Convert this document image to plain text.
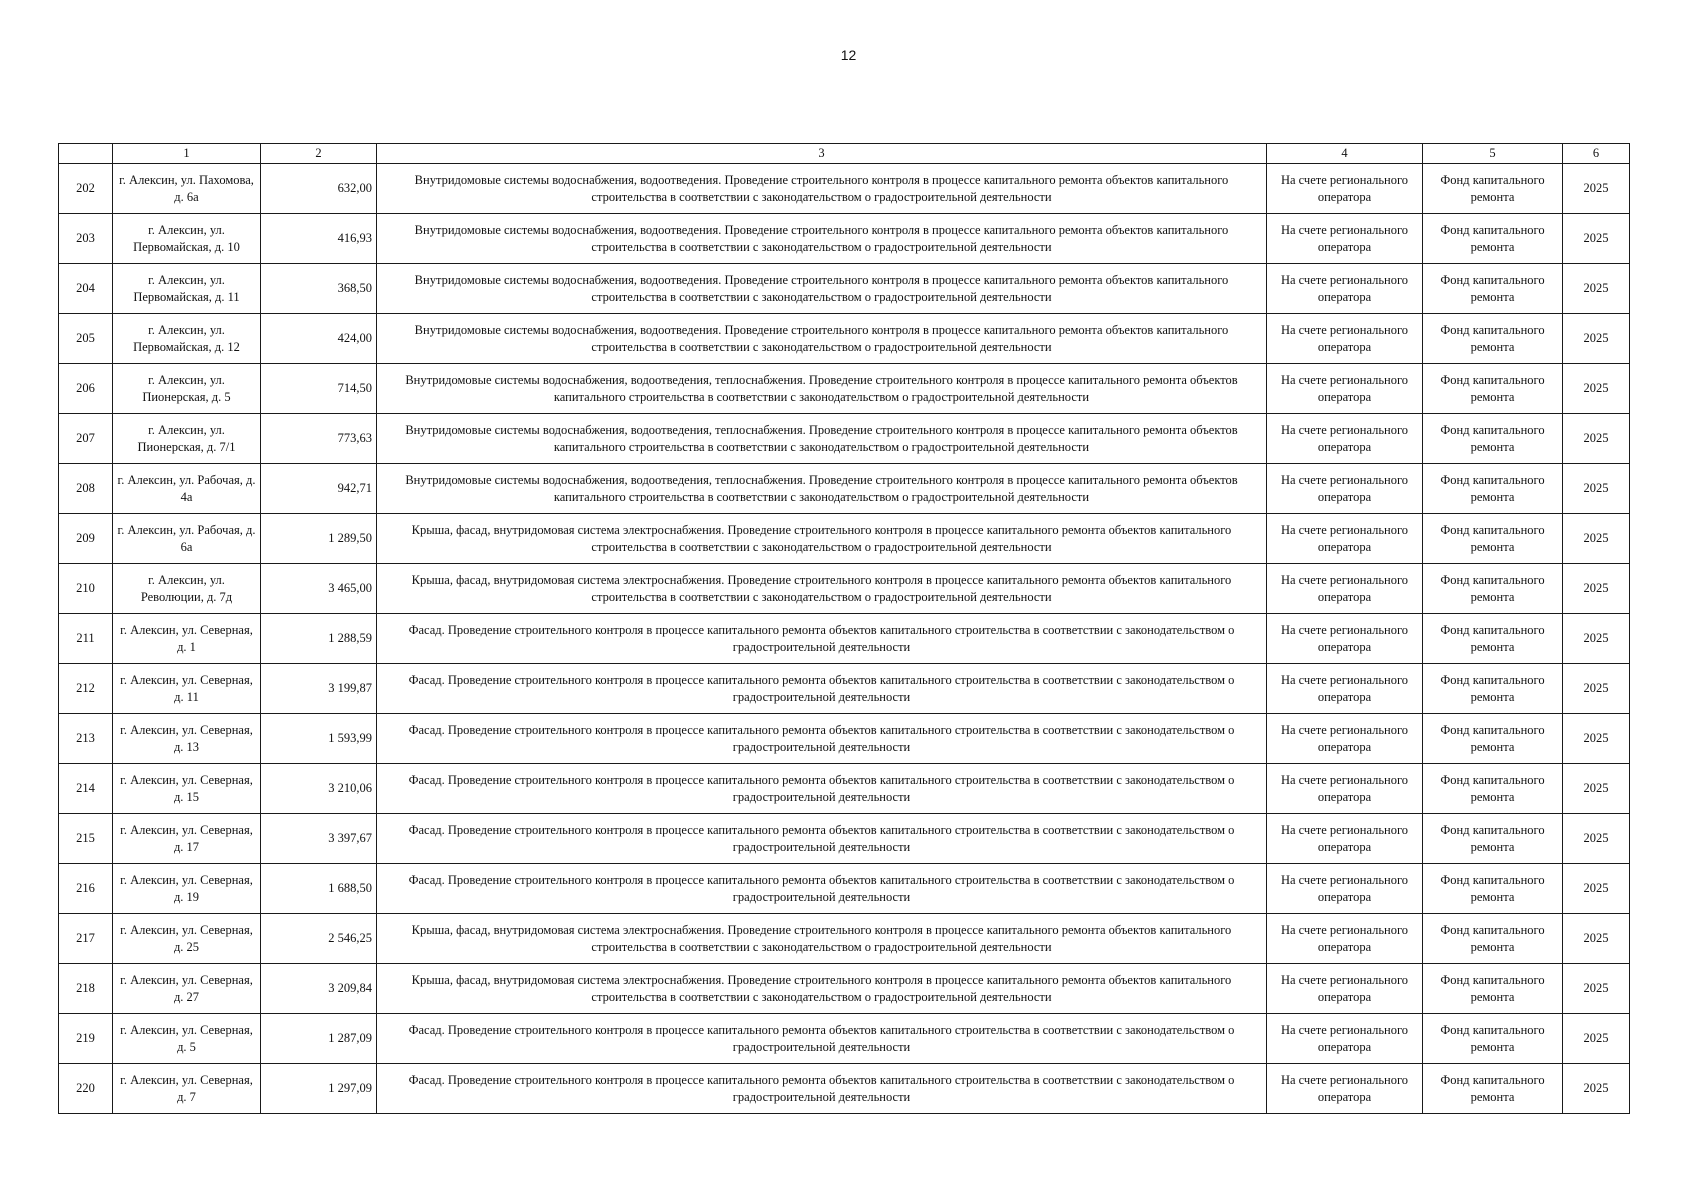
12
	1	2	3	4	5	6
202	г. Алексин, ул. Пахомова, д. 6а	632,00	Внутридомовые системы водоснабжения, водоотведения. Проведение строительного контроля в процессе капитального ремонта объектов капитального строительства в соответствии с законодательством о градостроительной деятельности	На счете регионального оператора	Фонд капитального ремонта	2025
203	г. Алексин, ул. Первомайская, д. 10	416,93	Внутридомовые системы водоснабжения, водоотведения. Проведение строительного контроля в процессе капитального ремонта объектов капитального строительства в соответствии с законодательством о градостроительной деятельности	На счете регионального оператора	Фонд капитального ремонта	2025
204	г. Алексин, ул. Первомайская, д. 11	368,50	Внутридомовые системы водоснабжения, водоотведения. Проведение строительного контроля в процессе капитального ремонта объектов капитального строительства в соответствии с законодательством о градостроительной деятельности	На счете регионального оператора	Фонд капитального ремонта	2025
205	г. Алексин, ул. Первомайская, д. 12	424,00	Внутридомовые системы водоснабжения, водоотведения. Проведение строительного контроля в процессе капитального ремонта объектов капитального строительства в соответствии с законодательством о градостроительной деятельности	На счете регионального оператора	Фонд капитального ремонта	2025
206	г. Алексин, ул. Пионерская, д. 5	714,50	Внутридомовые системы водоснабжения, водоотведения, теплоснабжения. Проведение строительного контроля в процессе капитального ремонта объектов капитального строительства в соответствии с законодательством о градостроительной деятельности	На счете регионального оператора	Фонд капитального ремонта	2025
207	г. Алексин, ул. Пионерская, д. 7/1	773,63	Внутридомовые системы водоснабжения, водоотведения, теплоснабжения. Проведение строительного контроля в процессе капитального ремонта объектов капитального строительства в соответствии с законодательством о градостроительной деятельности	На счете регионального оператора	Фонд капитального ремонта	2025
208	г. Алексин, ул. Рабочая, д. 4а	942,71	Внутридомовые системы водоснабжения, водоотведения, теплоснабжения. Проведение строительного контроля в процессе капитального ремонта объектов капитального строительства в соответствии с законодательством о градостроительной деятельности	На счете регионального оператора	Фонд капитального ремонта	2025
209	г. Алексин, ул. Рабочая, д. 6а	1 289,50	Крыша, фасад, внутридомовая система электроснабжения. Проведение строительного контроля в процессе капитального ремонта объектов капитального строительства в соответствии с законодательством о градостроительной деятельности	На счете регионального оператора	Фонд капитального ремонта	2025
210	г. Алексин, ул. Революции, д. 7д	3 465,00	Крыша, фасад, внутридомовая система электроснабжения. Проведение строительного контроля в процессе капитального ремонта объектов капитального строительства в соответствии с законодательством о градостроительной деятельности	На счете регионального оператора	Фонд капитального ремонта	2025
211	г. Алексин, ул. Северная, д. 1	1 288,59	Фасад. Проведение строительного контроля в процессе капитального ремонта объектов капитального строительства в соответствии с законодательством о градостроительной деятельности	На счете регионального оператора	Фонд капитального ремонта	2025
212	г. Алексин, ул. Северная, д. 11	3 199,87	Фасад. Проведение строительного контроля в процессе капитального ремонта объектов капитального строительства в соответствии с законодательством о градостроительной деятельности	На счете регионального оператора	Фонд капитального ремонта	2025
213	г. Алексин, ул. Северная, д. 13	1 593,99	Фасад. Проведение строительного контроля в процессе капитального ремонта объектов капитального строительства в соответствии с законодательством о градостроительной деятельности	На счете регионального оператора	Фонд капитального ремонта	2025
214	г. Алексин, ул. Северная, д. 15	3 210,06	Фасад. Проведение строительного контроля в процессе капитального ремонта объектов капитального строительства в соответствии с законодательством о градостроительной деятельности	На счете регионального оператора	Фонд капитального ремонта	2025
215	г. Алексин, ул. Северная, д. 17	3 397,67	Фасад. Проведение строительного контроля в процессе капитального ремонта объектов капитального строительства в соответствии с законодательством о градостроительной деятельности	На счете регионального оператора	Фонд капитального ремонта	2025
216	г. Алексин, ул. Северная, д. 19	1 688,50	Фасад. Проведение строительного контроля в процессе капитального ремонта объектов капитального строительства в соответствии с законодательством о градостроительной деятельности	На счете регионального оператора	Фонд капитального ремонта	2025
217	г. Алексин, ул. Северная, д. 25	2 546,25	Крыша, фасад, внутридомовая система электроснабжения. Проведение строительного контроля в процессе капитального ремонта объектов капитального строительства в соответствии с законодательством о градостроительной деятельности	На счете регионального оператора	Фонд капитального ремонта	2025
218	г. Алексин, ул. Северная, д. 27	3 209,84	Крыша, фасад, внутридомовая система электроснабжения. Проведение строительного контроля в процессе капитального ремонта объектов капитального строительства в соответствии с законодательством о градостроительной деятельности	На счете регионального оператора	Фонд капитального ремонта	2025
219	г. Алексин, ул. Северная, д. 5	1 287,09	Фасад. Проведение строительного контроля в процессе капитального ремонта объектов капитального строительства в соответствии с законодательством о градостроительной деятельности	На счете регионального оператора	Фонд капитального ремонта	2025
220	г. Алексин, ул. Северная, д. 7	1 297,09	Фасад. Проведение строительного контроля в процессе капитального ремонта объектов капитального строительства в соответствии с законодательством о градостроительной деятельности	На счете регионального оператора	Фонд капитального ремонта	2025
